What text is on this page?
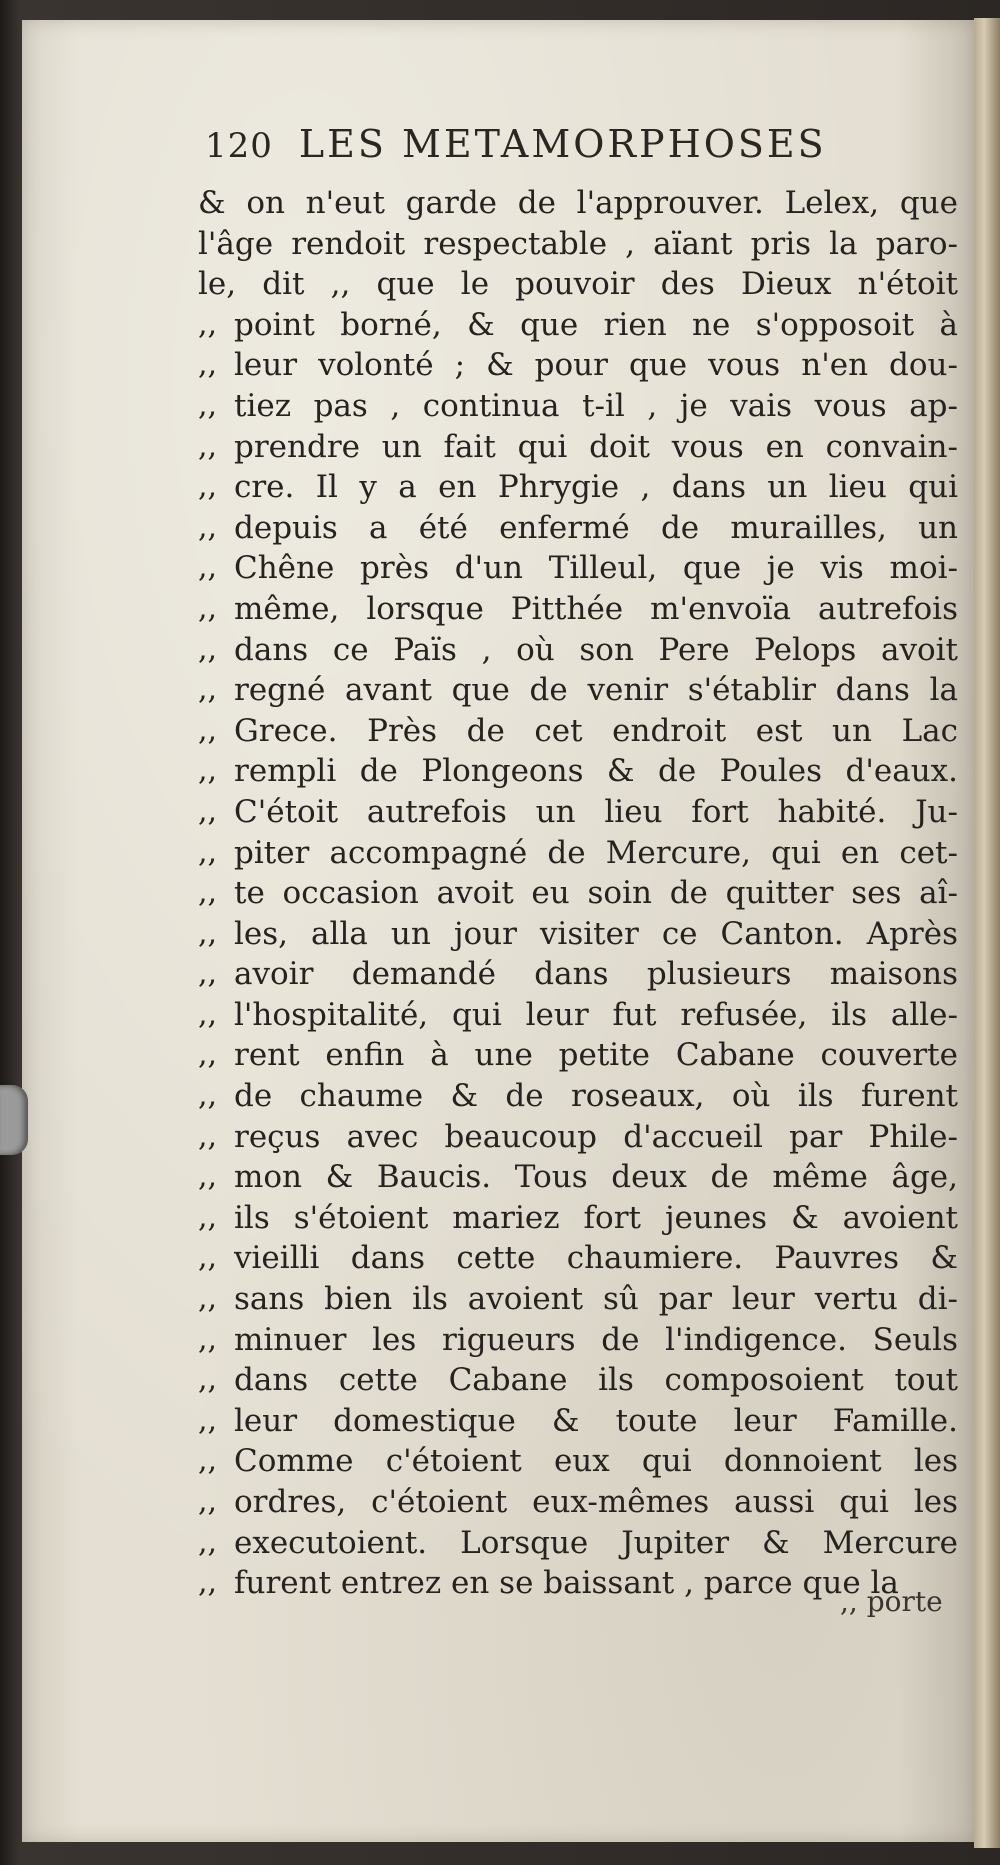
120 LES METAMORPHOSES
& on n'eut garde de l'approuver. Lelex, que
l'âge rendoit respectable , aïant pris la paro-
le, dit ,, que le pouvoir des Dieux n'étoit
,, point borné, & que rien ne s'opposoit à
,, leur volonté ; & pour que vous n'en dou-
,, tiez pas , continua t-il , je vais vous ap-
,, prendre un fait qui doit vous en convain-
,, cre. Il y a en Phrygie , dans un lieu qui
,, depuis a été enfermé de murailles, un
,, Chêne près d'un Tilleul, que je vis moi-
,, même, lorsque Pitthée m'envoïa autrefois
,, dans ce Païs , où son Pere Pelops avoit
,, regné avant que de venir s'établir dans la
,, Grece. Près de cet endroit est un Lac
,, rempli de Plongeons & de Poules d'eaux.
,, C'étoit autrefois un lieu fort habité. Ju-
,, piter accompagné de Mercure, qui en cet-
,, te occasion avoit eu soin de quitter ses aî-
,, les, alla un jour visiter ce Canton. Après
,, avoir demandé dans plusieurs maisons
,, l'hospitalité, qui leur fut refusée, ils alle-
,, rent enfin à une petite Cabane couverte
,, de chaume & de roseaux, où ils furent
,, reçus avec beaucoup d'accueil par Phile-
,, mon & Baucis. Tous deux de même âge,
,, ils s'étoient mariez fort jeunes & avoient
,, vieilli dans cette chaumiere. Pauvres &
,, sans bien ils avoient sû par leur vertu di-
,, minuer les rigueurs de l'indigence. Seuls
,, dans cette Cabane ils composoient tout
,, leur domestique & toute leur Famille.
,, Comme c'étoient eux qui donnoient les
,, ordres, c'étoient eux-mêmes aussi qui les
,, executoient. Lorsque Jupiter & Mercure
,, furent entrez en se baissant , parce que la
,, porte
